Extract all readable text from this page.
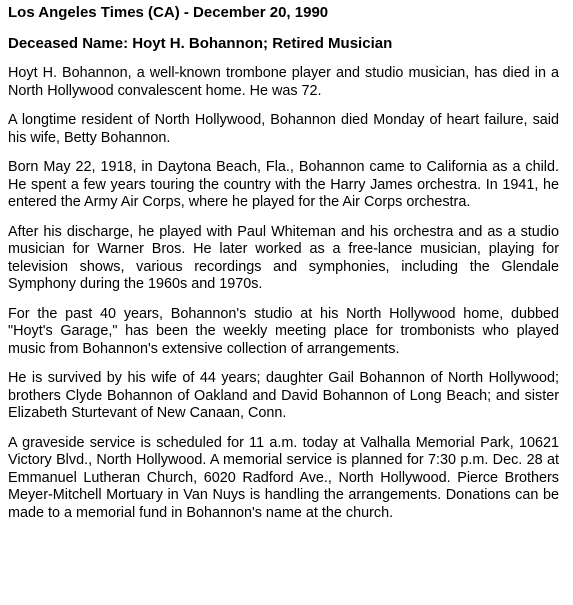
Los Angeles Times (CA) - December 20, 1990

Deceased Name: Hoyt H. Bohannon; Retired Musician

Hoyt H. Bohannon, a well-known trombone player and studio musician, has died in a North Hollywood convalescent home. He was 72.

A longtime resident of North Hollywood, Bohannon died Monday of heart failure, said his wife, Betty Bohannon.

Born May 22, 1918, in Daytona Beach, Fla., Bohannon came to California as a child. He spent a few years touring the country with the Harry James orchestra. In 1941, he entered the Army Air Corps, where he played for the Air Corps orchestra.

After his discharge, he played with Paul Whiteman and his orchestra and as a studio musician for Warner Bros. He later worked as a free-lance musician, playing for television shows, various recordings and symphonies, including the Glendale Symphony during the 1960s and 1970s.

For the past 40 years, Bohannon's studio at his North Hollywood home, dubbed "Hoyt's Garage," has been the weekly meeting place for trombonists who played music from Bohannon's extensive collection of arrangements.

He is survived by his wife of 44 years; daughter Gail Bohannon of North Hollywood; brothers Clyde Bohannon of Oakland and David Bohannon of Long Beach; and sister Elizabeth Sturtevant of New Canaan, Conn.

A graveside service is scheduled for 11 a.m. today at Valhalla Memorial Park, 10621 Victory Blvd., North Hollywood. A memorial service is planned for 7:30 p.m. Dec. 28 at Emmanuel Lutheran Church, 6020 Radford Ave., North Hollywood. Pierce Brothers Meyer-Mitchell Mortuary in Van Nuys is handling the arrangements. Donations can be made to a memorial fund in Bohannon's name at the church.
